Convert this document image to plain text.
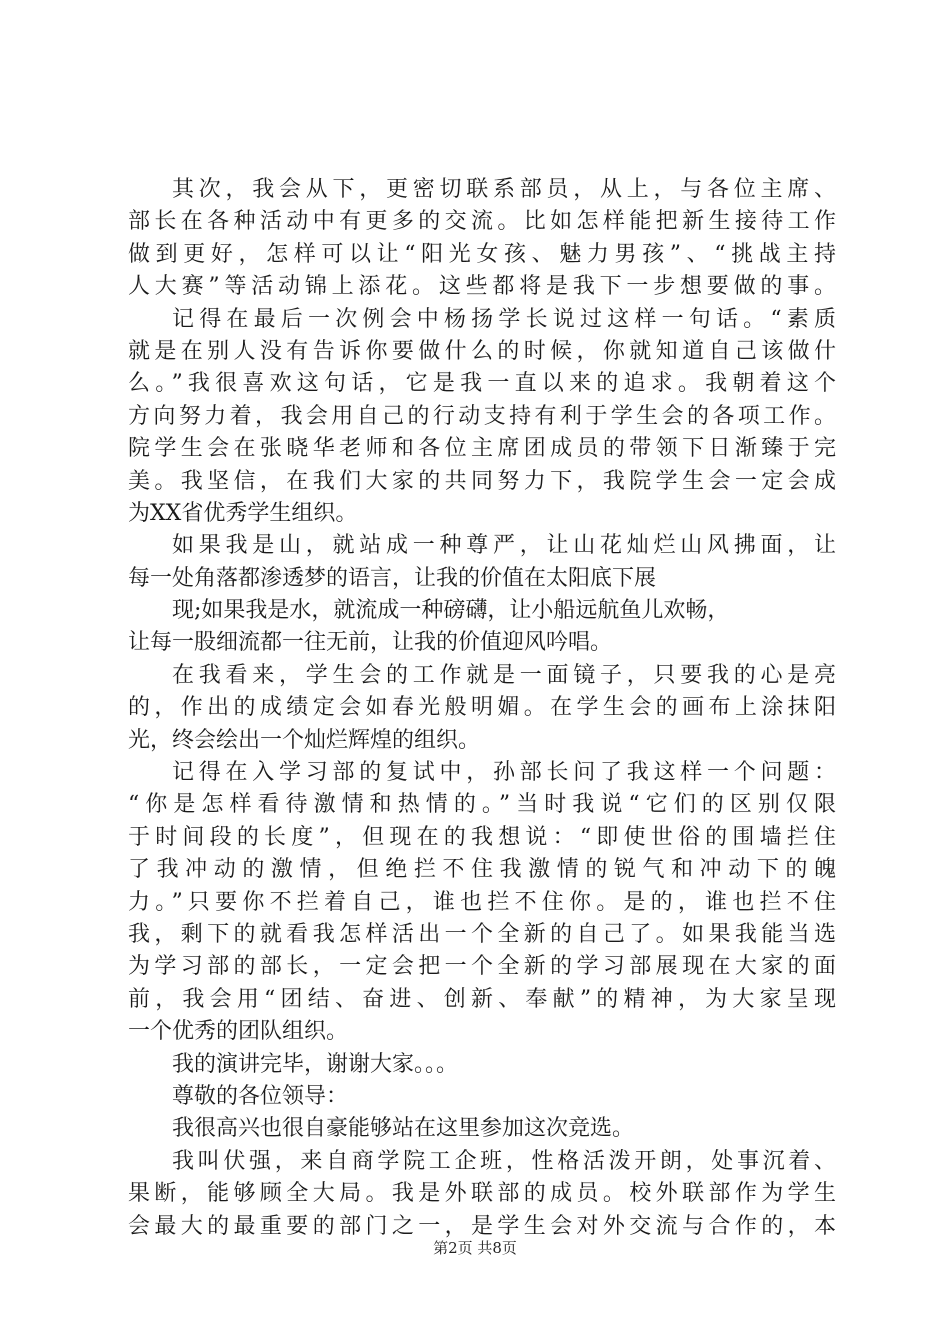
其次，我会从下，更密切联系部员，从上，与各位主席、
部长在各种活动中有更多的交流。比如怎样能把新生接待工作
做到更好，怎样可以让“阳光女孩、魅力男孩”、“挑战主持
人大赛”等活动锦上添花。这些都将是我下一步想要做的事。
记得在最后一次例会中杨扬学长说过这样一句话。“素质
就是在别人没有告诉你要做什么的时候，你就知道自己该做什
么。”我很喜欢这句话，它是我一直以来的追求。我朝着这个
方向努力着，我会用自己的行动支持有利于学生会的各项工作。
院学生会在张晓华老师和各位主席团成员的带领下日渐臻于完
美。我坚信，在我们大家的共同努力下，我院学生会一定会成
为XX省优秀学生组织。
如果我是山，就站成一种尊严，让山花灿烂山风拂面，让
每一处角落都渗透梦的语言，让我的价值在太阳底下展
现;如果我是水，就流成一种磅礴，让小船远航鱼儿欢畅，
让每一股细流都一往无前，让我的价值迎风吟唱。
在我看来，学生会的工作就是一面镜子，只要我的心是亮
的，作出的成绩定会如春光般明媚。在学生会的画布上涂抹阳
光，终会绘出一个灿烂辉煌的组织。
记得在入学习部的复试中，孙部长问了我这样一个问题：
“你是怎样看待激情和热情的。”当时我说“它们的区别仅限
于时间段的长度”，但现在的我想说：“即使世俗的围墙拦住
了我冲动的激情，但绝拦不住我激情的锐气和冲动下的魄
力。”只要你不拦着自己，谁也拦不住你。是的，谁也拦不住
我，剩下的就看我怎样活出一个全新的自己了。如果我能当选
为学习部的部长，一定会把一个全新的学习部展现在大家的面
前，我会用“团结、奋进、创新、奉献”的精神，为大家呈现
一个优秀的团队组织。
我的演讲完毕，谢谢大家。。。
尊敬的各位领导：
我很高兴也很自豪能够站在这里参加这次竞选。
我叫伏强，来自商学院工企班，性格活泼开朗，处事沉着、
果断，能够顾全大局。我是外联部的成员。校外联部作为学生
会最大的最重要的部门之一，是学生会对外交流与合作的，本
第2页 共8页
